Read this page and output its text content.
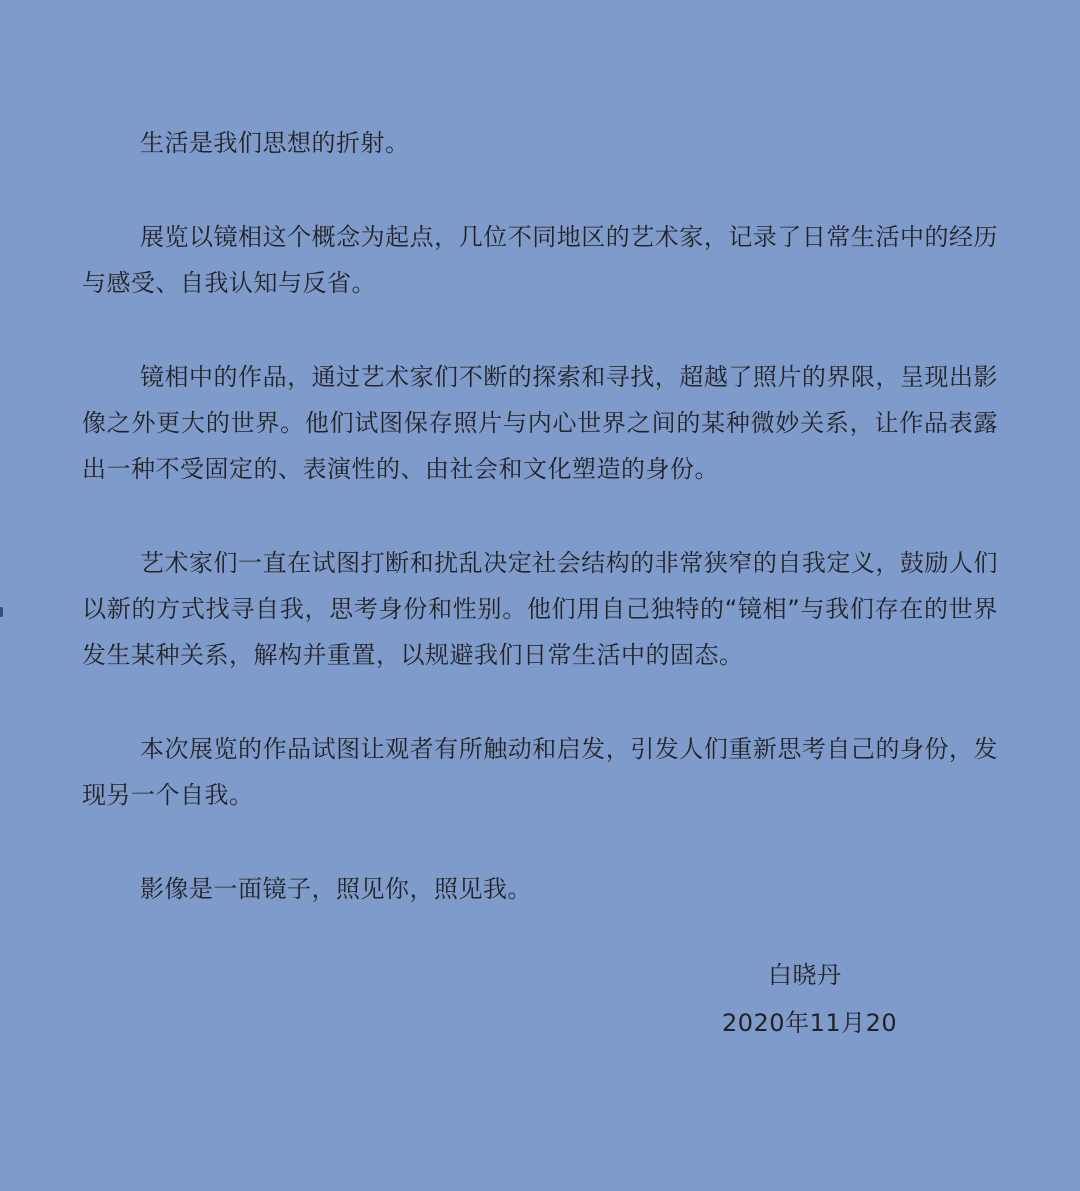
生活是我们思想的折射。

展览以镜相这个概念为起点，几位不同地区的艺术家，记录了日常生活中的经历与感受、自我认知与反省。

镜相中的作品，通过艺术家们不断的探索和寻找，超越了照片的界限，呈现出影像之外更大的世界。他们试图保存照片与内心世界之间的某种微妙关系，让作品表露出一种不受固定的、表演性的、由社会和文化塑造的身份。

艺术家们一直在试图打断和扰乱决定社会结构的非常狭窄的自我定义，鼓励人们以新的方式找寻自我，思考身份和性别。他们用自己独特的“镜相”与我们存在的世界发生某种关系，解构并重置，以规避我们日常生活中的固态。

本次展览的作品试图让观者有所触动和启发，引发人们重新思考自己的身份，发现另一个自我。

影像是一面镜子，照见你，照见我。

白晓丹
2020年11月20
